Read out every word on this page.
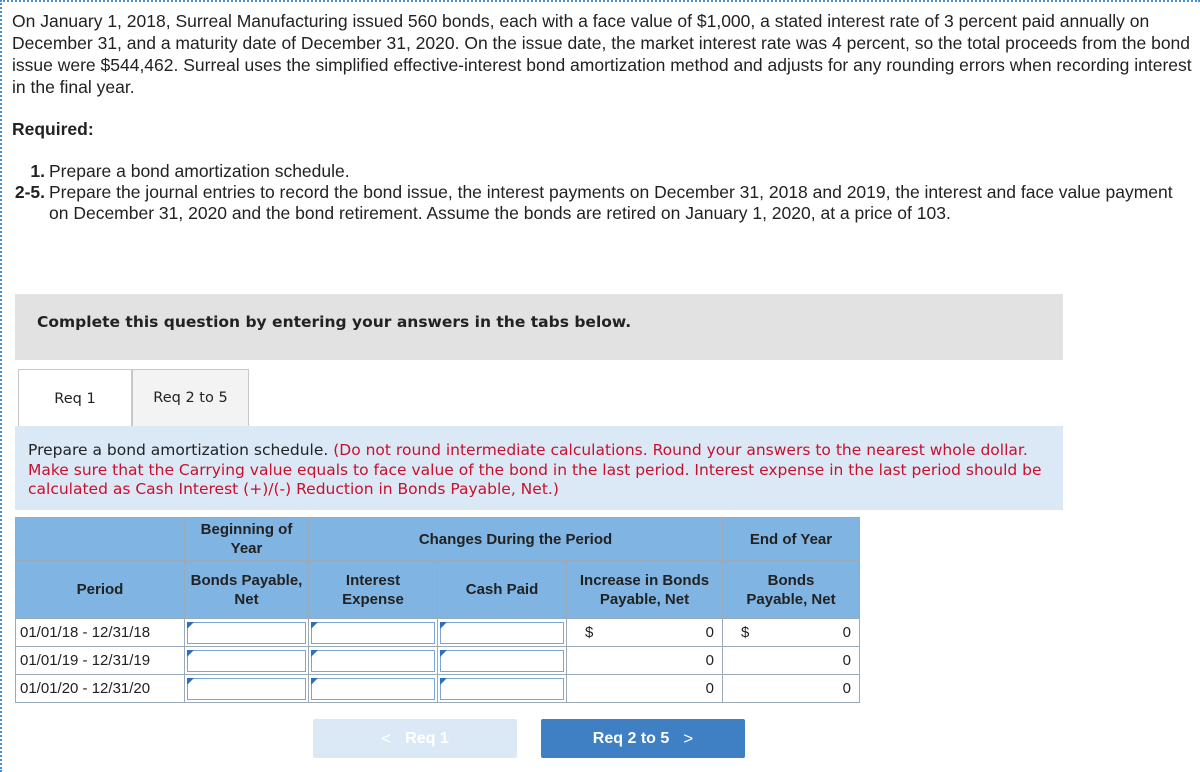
On January 1, 2018, Surreal Manufacturing issued 560 bonds, each with a face value of $1,000, a stated interest rate of 3 percent paid annually on December 31, and a maturity date of December 31, 2020. On the issue date, the market interest rate was 4 percent, so the total proceeds from the bond issue were $544,462. Surreal uses the simplified effective-interest bond amortization method and adjusts for any rounding errors when recording interest in the final year.

Required:
1. Prepare a bond amortization schedule.
2-5. Prepare the journal entries to record the bond issue, the interest payments on December 31, 2018 and 2019, the interest and face value payment on December 31, 2020 and the bond retirement. Assume the bonds are retired on January 1, 2020, at a price of 103.
Complete this question by entering your answers in the tabs below.
Req 1	Req 2 to 5

Prepare a bond amortization schedule. (Do not round intermediate calculations. Round your answers to the nearest whole dollar. Make sure that the Carrying value equals to face value of the bond in the last period. Interest expense in the last period should be calculated as Cash Interest (+)/(-) Reduction in Bonds Payable, Net.)

	Beginning of Year	Changes During the Period			End of Year
Period	Bonds Payable, Net	Interest Expense	Cash Paid	Increase in Bonds Payable, Net	Bonds Payable, Net
01/01/18 - 12/31/18				$ 0	$ 0
01/01/19 - 12/31/19				0	0
01/01/20 - 12/31/20				0	0
< Req 1	Req 2 to 5 >
